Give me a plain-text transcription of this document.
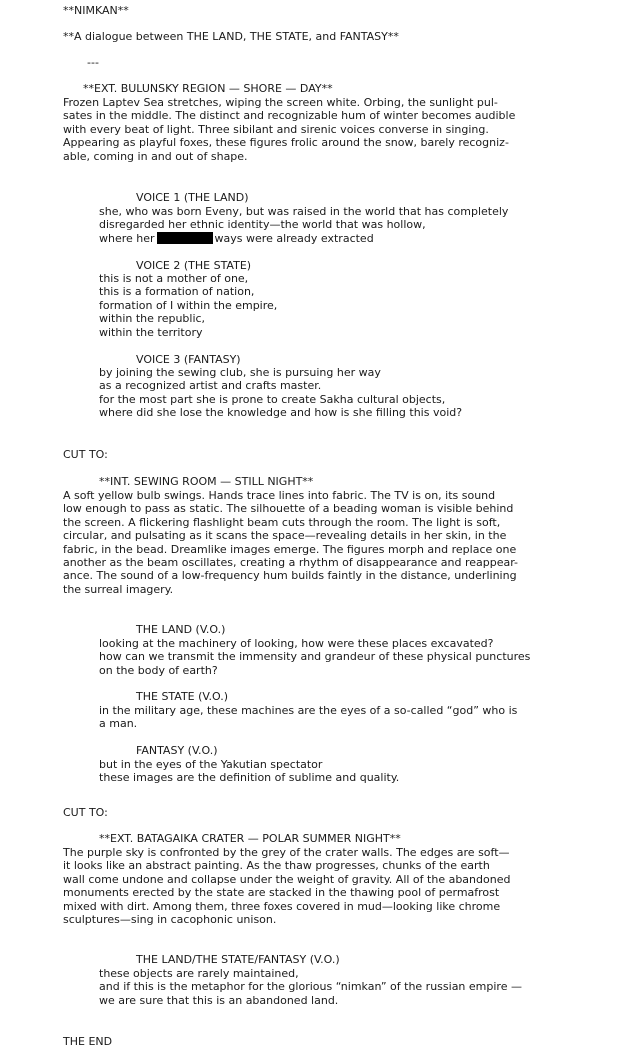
**NIMKAN**

**A dialogue between THE LAND, THE STATE, and FANTASY**

---

**EXT. BULUNSKY REGION — SHORE — DAY**

Frozen Laptev Sea stretches, wiping the screen white. Orbing, the sunlight pul-
sates in the middle. The distinct and recognizable hum of winter becomes audible
with every beat of light. Three sibilant and sirenic voices converse in singing.
Appearing as playful foxes, these figures frolic around the snow, barely recogniz-
able, coming in and out of shape.

VOICE 1 (THE LAND)

she, who was born Eveny, but was raised in the world that has completely
disregarded her ethnic identity—the world that was hollow,
where her	ways were already extracted

VOICE 2 (THE STATE)

this is not a mother of one,
this is a formation of nation,
formation of I within the empire,
within the republic,
within the territory

VOICE 3 (FANTASY)

by joining the sewing club, she is pursuing her way
as a recognized artist and crafts master.
for the most part she is prone to create Sakha cultural objects,
where did she lose the knowledge and how is she filling this void?

CUT TO:

**INT. SEWING ROOM — STILL NIGHT**

A soft yellow bulb swings. Hands trace lines into fabric. The TV is on, its sound
low enough to pass as static. The silhouette of a beading woman is visible behind
the screen. A flickering flashlight beam cuts through the room. The light is soft,
circular, and pulsating as it scans the space—revealing details in her skin, in the
fabric, in the bead. Dreamlike images emerge. The figures morph and replace one
another as the beam oscillates, creating a rhythm of disappearance and reappear-
ance. The sound of a low-frequency hum builds faintly in the distance, underlining
the surreal imagery.

THE LAND (V.O.)

looking at the machinery of looking, how were these places excavated?
how can we transmit the immensity and grandeur of these physical punctures
on the body of earth?

THE STATE (V.O.)

in the military age, these machines are the eyes of a so-called “god” who is
a man.

FANTASY (V.O.)

but in the eyes of the Yakutian spectator
these images are the definition of sublime and quality.

CUT TO:

**EXT. BATAGAIKA CRATER — POLAR SUMMER NIGHT**

The purple sky is confronted by the grey of the crater walls. The edges are soft—
it looks like an abstract painting. As the thaw progresses, chunks of the earth
wall come undone and collapse under the weight of gravity. All of the abandoned
monuments erected by the state are stacked in the thawing pool of permafrost
mixed with dirt. Among them, three foxes covered in mud—looking like chrome
sculptures—sing in cacophonic unison.

THE LAND/THE STATE/FANTASY (V.O.)

these objects are rarely maintained,
and if this is the metaphor for the glorious “nimkan” of the russian empire —
we are sure that this is an abandoned land.

THE END
